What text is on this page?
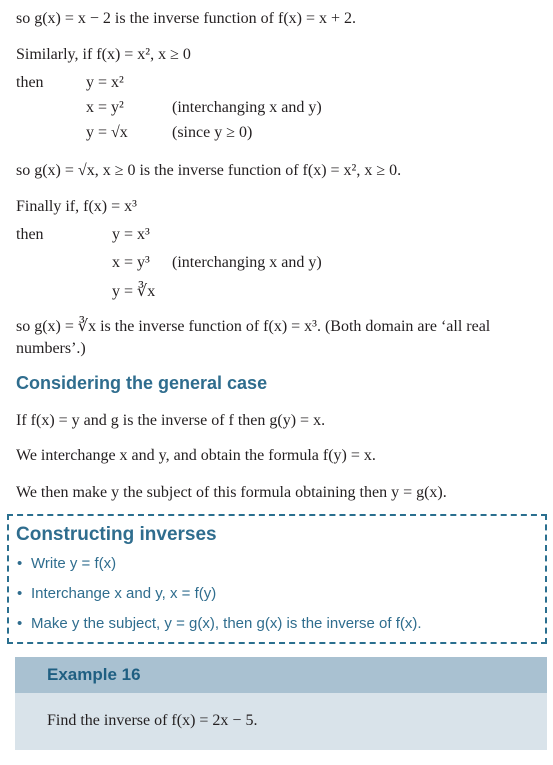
so g(x) = x − 2 is the inverse function of f(x) = x + 2.
Similarly, if f(x) = x², x ≥ 0
then	y = x²
x = y²	(interchanging x and y)
y = √x	(since y ≥ 0)
so g(x) = √x, x ≥ 0 is the inverse function of f(x) = x², x ≥ 0.
Finally if, f(x) = x³
then	y = x³
x = y³ (interchanging x and y)
y = ∛x
so g(x) = ∛x is the inverse function of f(x) = x³. (Both domain are ‘all real
numbers’.)
Considering the general case
If f(x) = y and g is the inverse of f then g(y) = x.
We interchange x and y, and obtain the formula f(y) = x.
We then make y the subject of this formula obtaining then y = g(x).
Constructing inverses
• Write y = f(x)
• Interchange x and y, x = f(y)
• Make y the subject, y = g(x), then g(x) is the inverse of f(x).
Example 16
Find the inverse of f(x) = 2x − 5.
